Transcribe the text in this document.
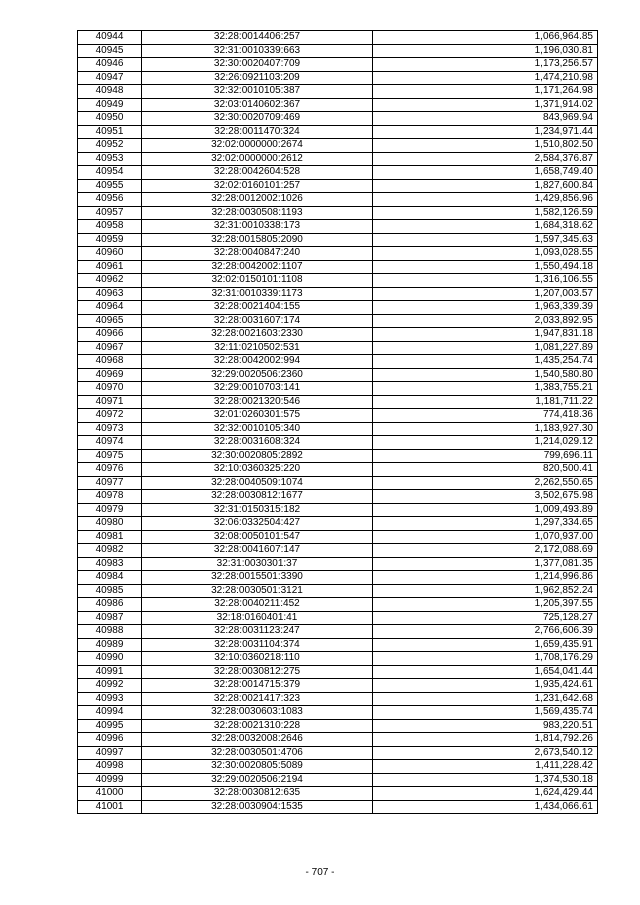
40944	32:28:0014406:257	1,066,964.85
40945	32:31:0010339:663	1,196,030.81
40946	32:30:0020407:709	1,173,256.57
40947	32:26:0921103:209	1,474,210.98
40948	32:32:0010105:387	1,171,264.98
40949	32:03:0140602:367	1,371,914.02
40950	32:30:0020709:469	843,969.94
40951	32:28:0011470:324	1,234,971.44
40952	32:02:0000000:2674	1,510,802.50
40953	32:02:0000000:2612	2,584,376.87
40954	32:28:0042604:528	1,658,749.40
40955	32:02:0160101:257	1,827,600.84
40956	32:28:0012002:1026	1,429,856.96
40957	32:28:0030508:1193	1,582,126.59
40958	32:31:0010338:173	1,684,318.62
40959	32:28:0015805:2090	1,597,345.63
40960	32:28:0040847:240	1,093,028.55
40961	32:28:0042002:1107	1,550,494.18
40962	32:02:0150101:1108	1,316,106.55
40963	32:31:0010339:1173	1,207,003.57
40964	32:28:0021404:155	1,963,339.39
40965	32:28:0031607:174	2,033,892.95
40966	32:28:0021603:2330	1,947,831.18
40967	32:11:0210502:531	1,081,227.89
40968	32:28:0042002:994	1,435,254.74
40969	32:29:0020506:2360	1,540,580.80
40970	32:29:0010703:141	1,383,755.21
40971	32:28:0021320:546	1,181,711.22
40972	32:01:0260301:575	774,418.36
40973	32:32:0010105:340	1,183,927.30
40974	32:28:0031608:324	1,214,029.12
40975	32:30:0020805:2892	799,696.11
40976	32:10:0360325:220	820,500.41
40977	32:28:0040509:1074	2,262,550.65
40978	32:28:0030812:1677	3,502,675.98
40979	32:31:0150315:182	1,009,493.89
40980	32:06:0332504:427	1,297,334.65
40981	32:08:0050101:547	1,070,937.00
40982	32:28:0041607:147	2,172,088.69
40983	32:31:0030301:37	1,377,081.35
40984	32:28:0015501:3390	1,214,996.86
40985	32:28:0030501:3121	1,962,852.24
40986	32:28:0040211:452	1,205,397.55
40987	32:18:0160401:41	725,128.27
40988	32:28:0031123:247	2,766,606.39
40989	32:28:0031104:374	1,659,435.91
40990	32:10:0360218:110	1,708,176.29
40991	32:28:0030812:275	1,654,041.44
40992	32:28:0014715:379	1,935,424.61
40993	32:28:0021417:323	1,231,642.68
40994	32:28:0030603:1083	1,569,435.74
40995	32:28:0021310:228	983,220.51
40996	32:28:0032008:2646	1,814,792.26
40997	32:28:0030501:4706	2,673,540.12
40998	32:30:0020805:5089	1,411,228.42
40999	32:29:0020506:2194	1,374,530.18
41000	32:28:0030812:635	1,624,429.44
41001	32:28:0030904:1535	1,434,066.61
- 707 -
